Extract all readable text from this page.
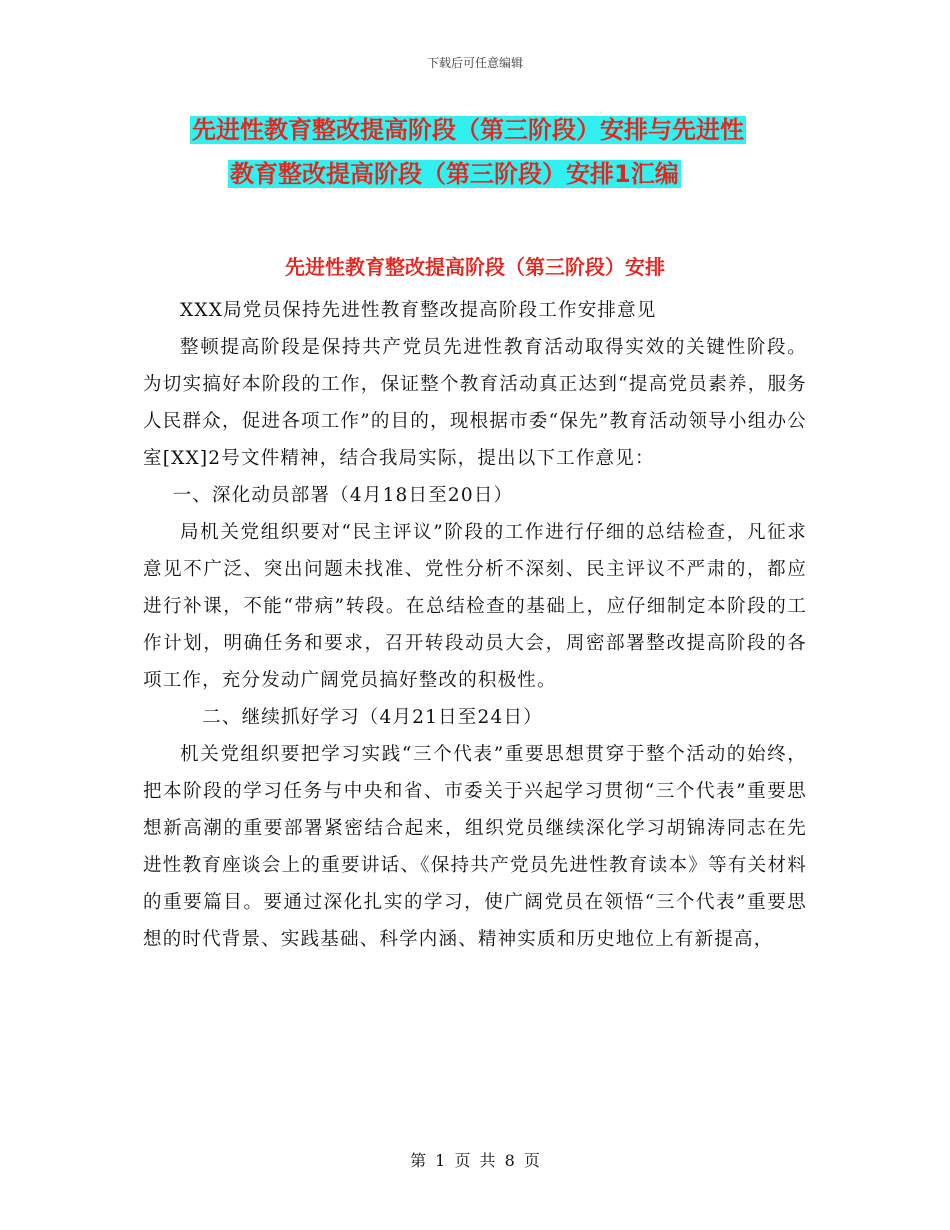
下载后可任意编辑
先进性教育整改提高阶段（第三阶段）安排与先进性
教育整改提高阶段（第三阶段）安排1汇编
先进性教育整改提高阶段（第三阶段）安排

XXX局党员保持先进性教育整改提高阶段工作安排意见

整顿提高阶段是保持共产党员先进性教育活动取得实效的关键性阶段。为切实搞好本阶段的工作，保证整个教育活动真正达到“提高党员素养，服务人民群众，促进各项工作”的目的，现根据市委“保先”教育活动领导小组办公室[XX]2号文件精神，结合我局实际，提出以下工作意见：

一、深化动员部署（4月18日至20日）

局机关党组织要对“民主评议”阶段的工作进行仔细的总结检查，凡征求意见不广泛、突出问题未找准、党性分析不深刻、民主评议不严肃的，都应进行补课，不能“带病”转段。在总结检查的基础上，应仔细制定本阶段的工作计划，明确任务和要求，召开转段动员大会，周密部署整改提高阶段的各项工作，充分发动广阔党员搞好整改的积极性。

二、继续抓好学习（4月21日至24日）

机关党组织要把学习实践“三个代表”重要思想贯穿于整个活动的始终，把本阶段的学习任务与中央和省、市委关于兴起学习贯彻“三个代表”重要思想新高潮的重要部署紧密结合起来，组织党员继续深化学习胡锦涛同志在先进性教育座谈会上的重要讲话、《保持共产党员先进性教育读本》等有关材料的重要篇目。要通过深化扎实的学习，使广阔党员在领悟“三个代表”重要思想的时代背景、实践基础、科学内涵、精神实质和历史地位上有新提高，

第 1 页 共 8 页
